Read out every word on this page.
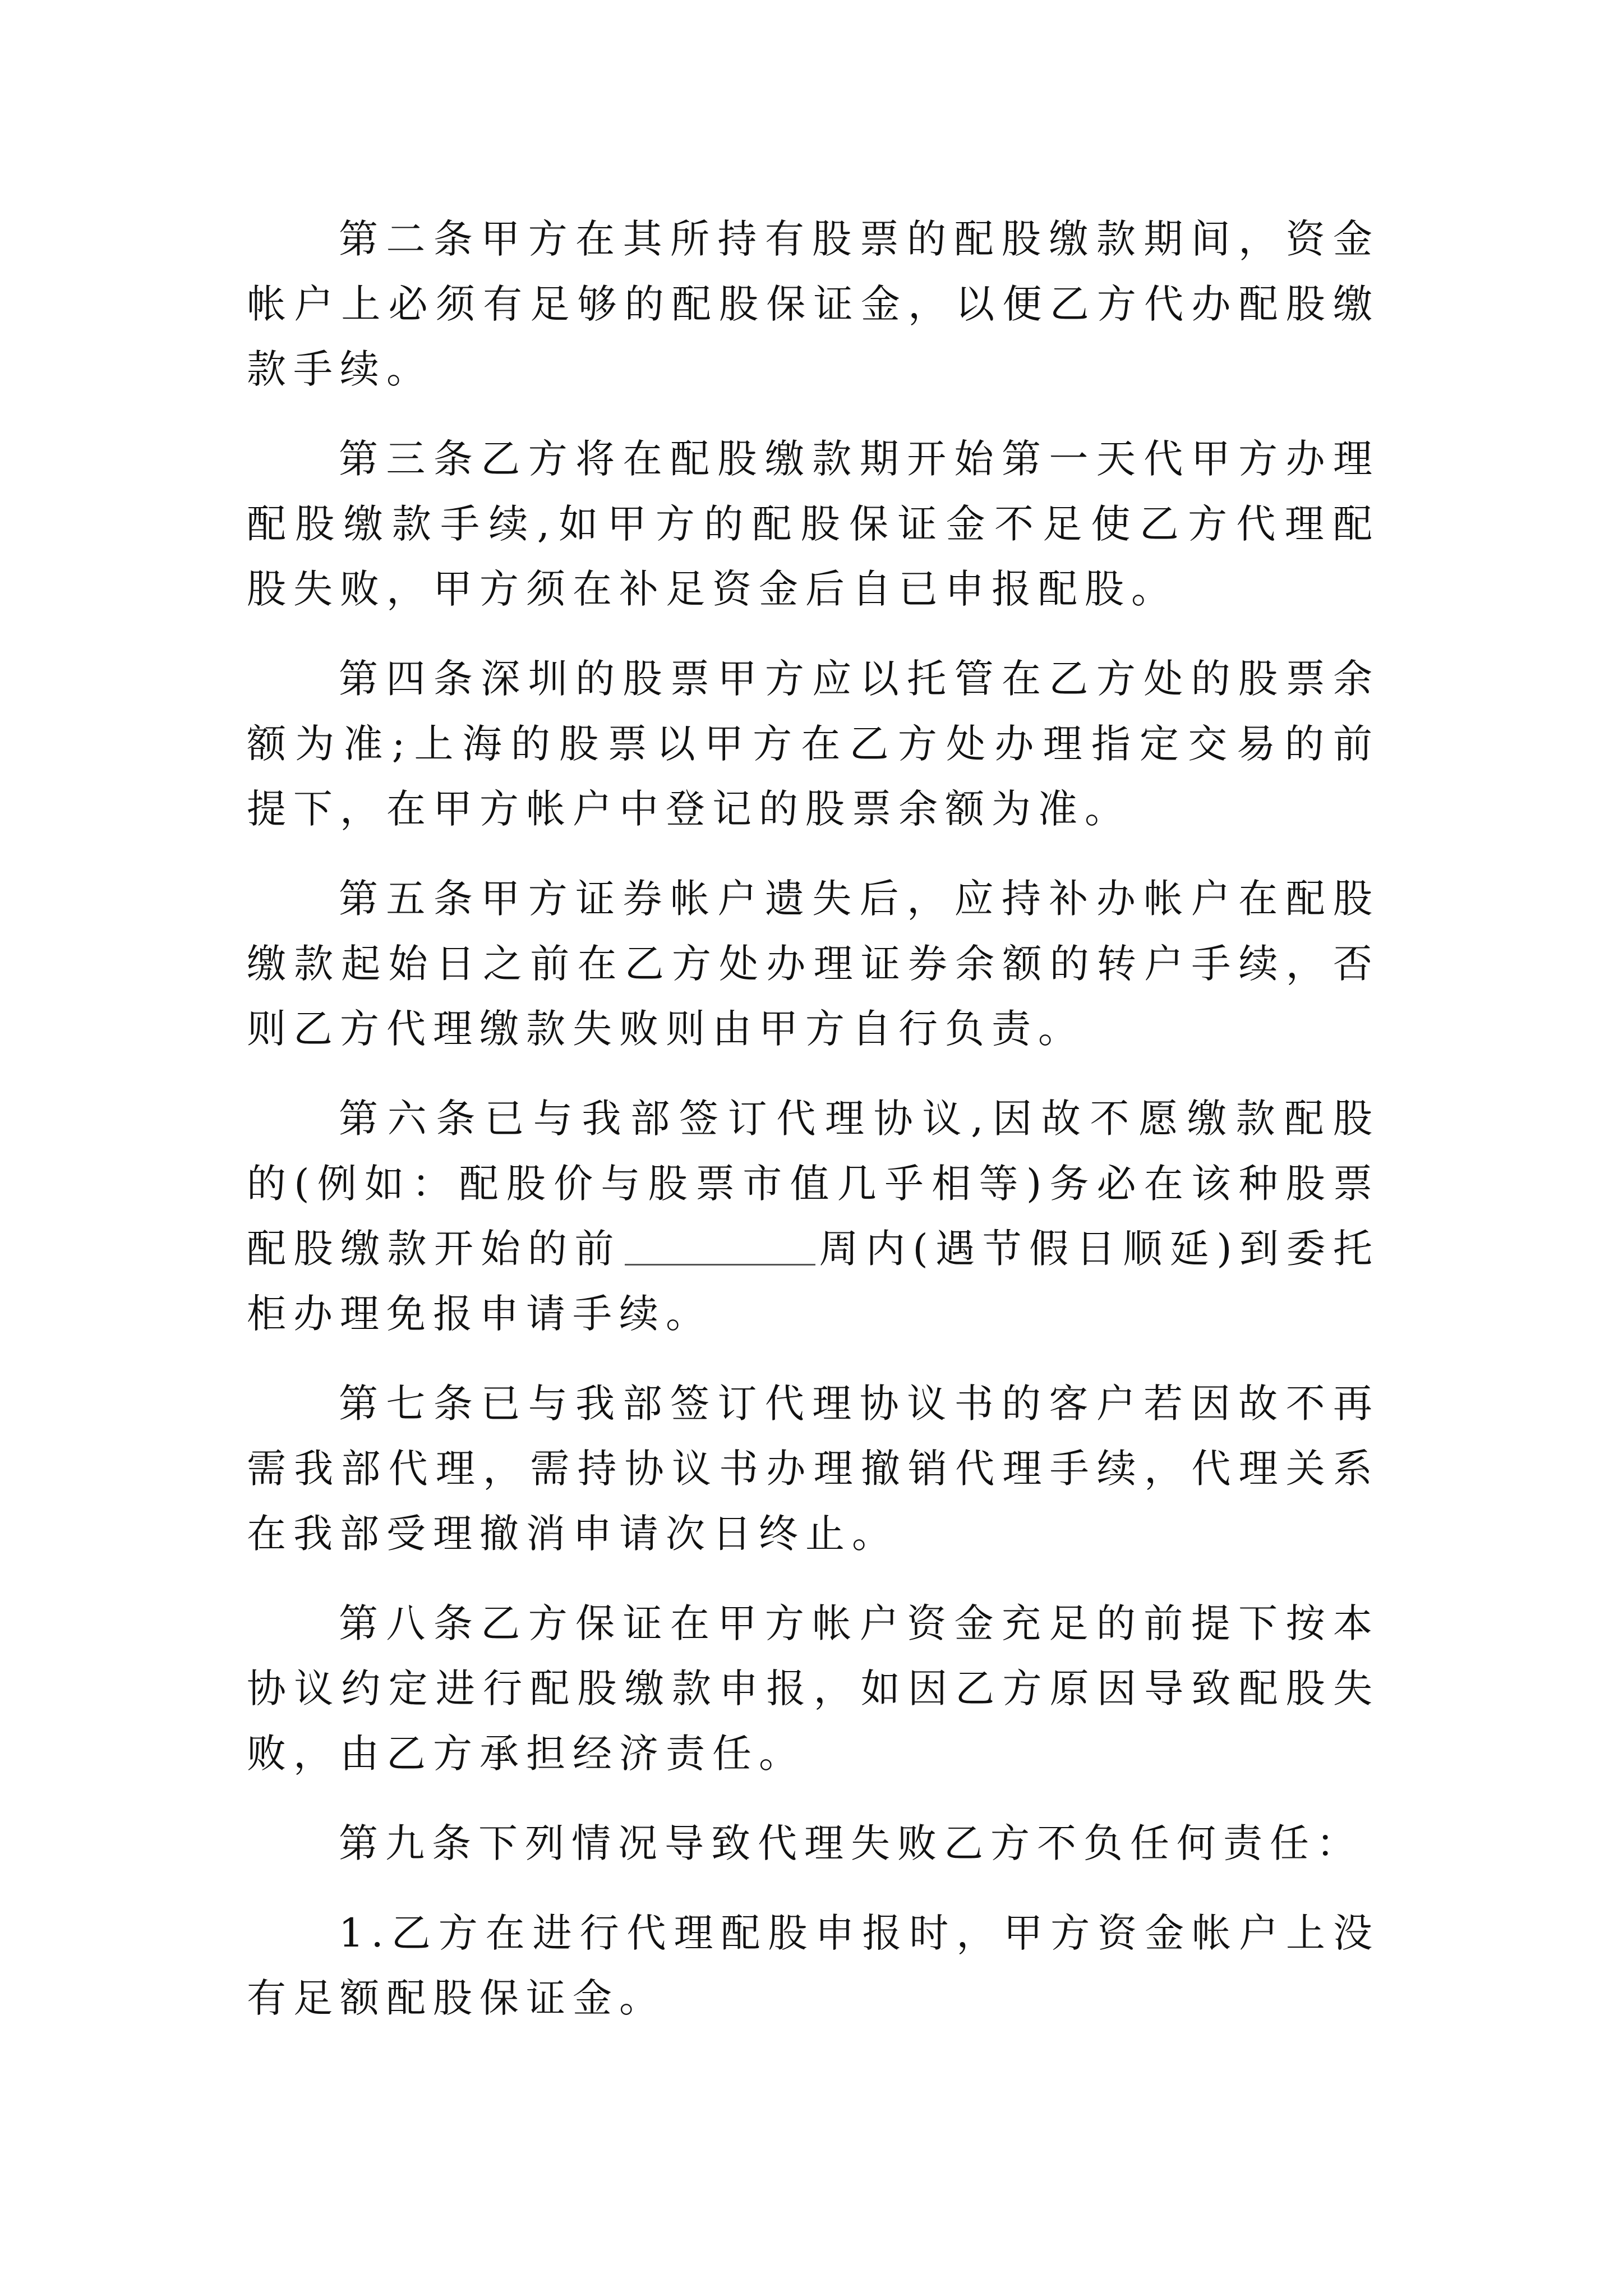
第二条甲方在其所持有股票的配股缴款期间，资金帐户上必须有足够的配股保证金，以便乙方代办配股缴款手续。

第三条乙方将在配股缴款期开始第一天代甲方办理配股缴款手续,如甲方的配股保证金不足使乙方代理配股失败，甲方须在补足资金后自已申报配股。

第四条深圳的股票甲方应以托管在乙方处的股票余额为准;上海的股票以甲方在乙方处办理指定交易的前提下，在甲方帐户中登记的股票余额为准。

第五条甲方证券帐户遗失后，应持补办帐户在配股缴款起始日之前在乙方处办理证券余额的转户手续，否则乙方代理缴款失败则由甲方自行负责。

第六条已与我部签订代理协议,因故不愿缴款配股的(例如：配股价与股票市值几乎相等)务必在该种股票配股缴款开始的前	周内(遇节假日顺延)到委托柜办理免报申请手续。

第七条已与我部签订代理协议书的客户若因故不再需我部代理，需持协议书办理撤销代理手续，代理关系在我部受理撤消申请次日终止。

第八条乙方保证在甲方帐户资金充足的前提下按本协议约定进行配股缴款申报，如因乙方原因导致配股失败，由乙方承担经济责任。

第九条下列情况导致代理失败乙方不负任何责任：

1.乙方在进行代理配股申报时，甲方资金帐户上没有足额配股保证金。
